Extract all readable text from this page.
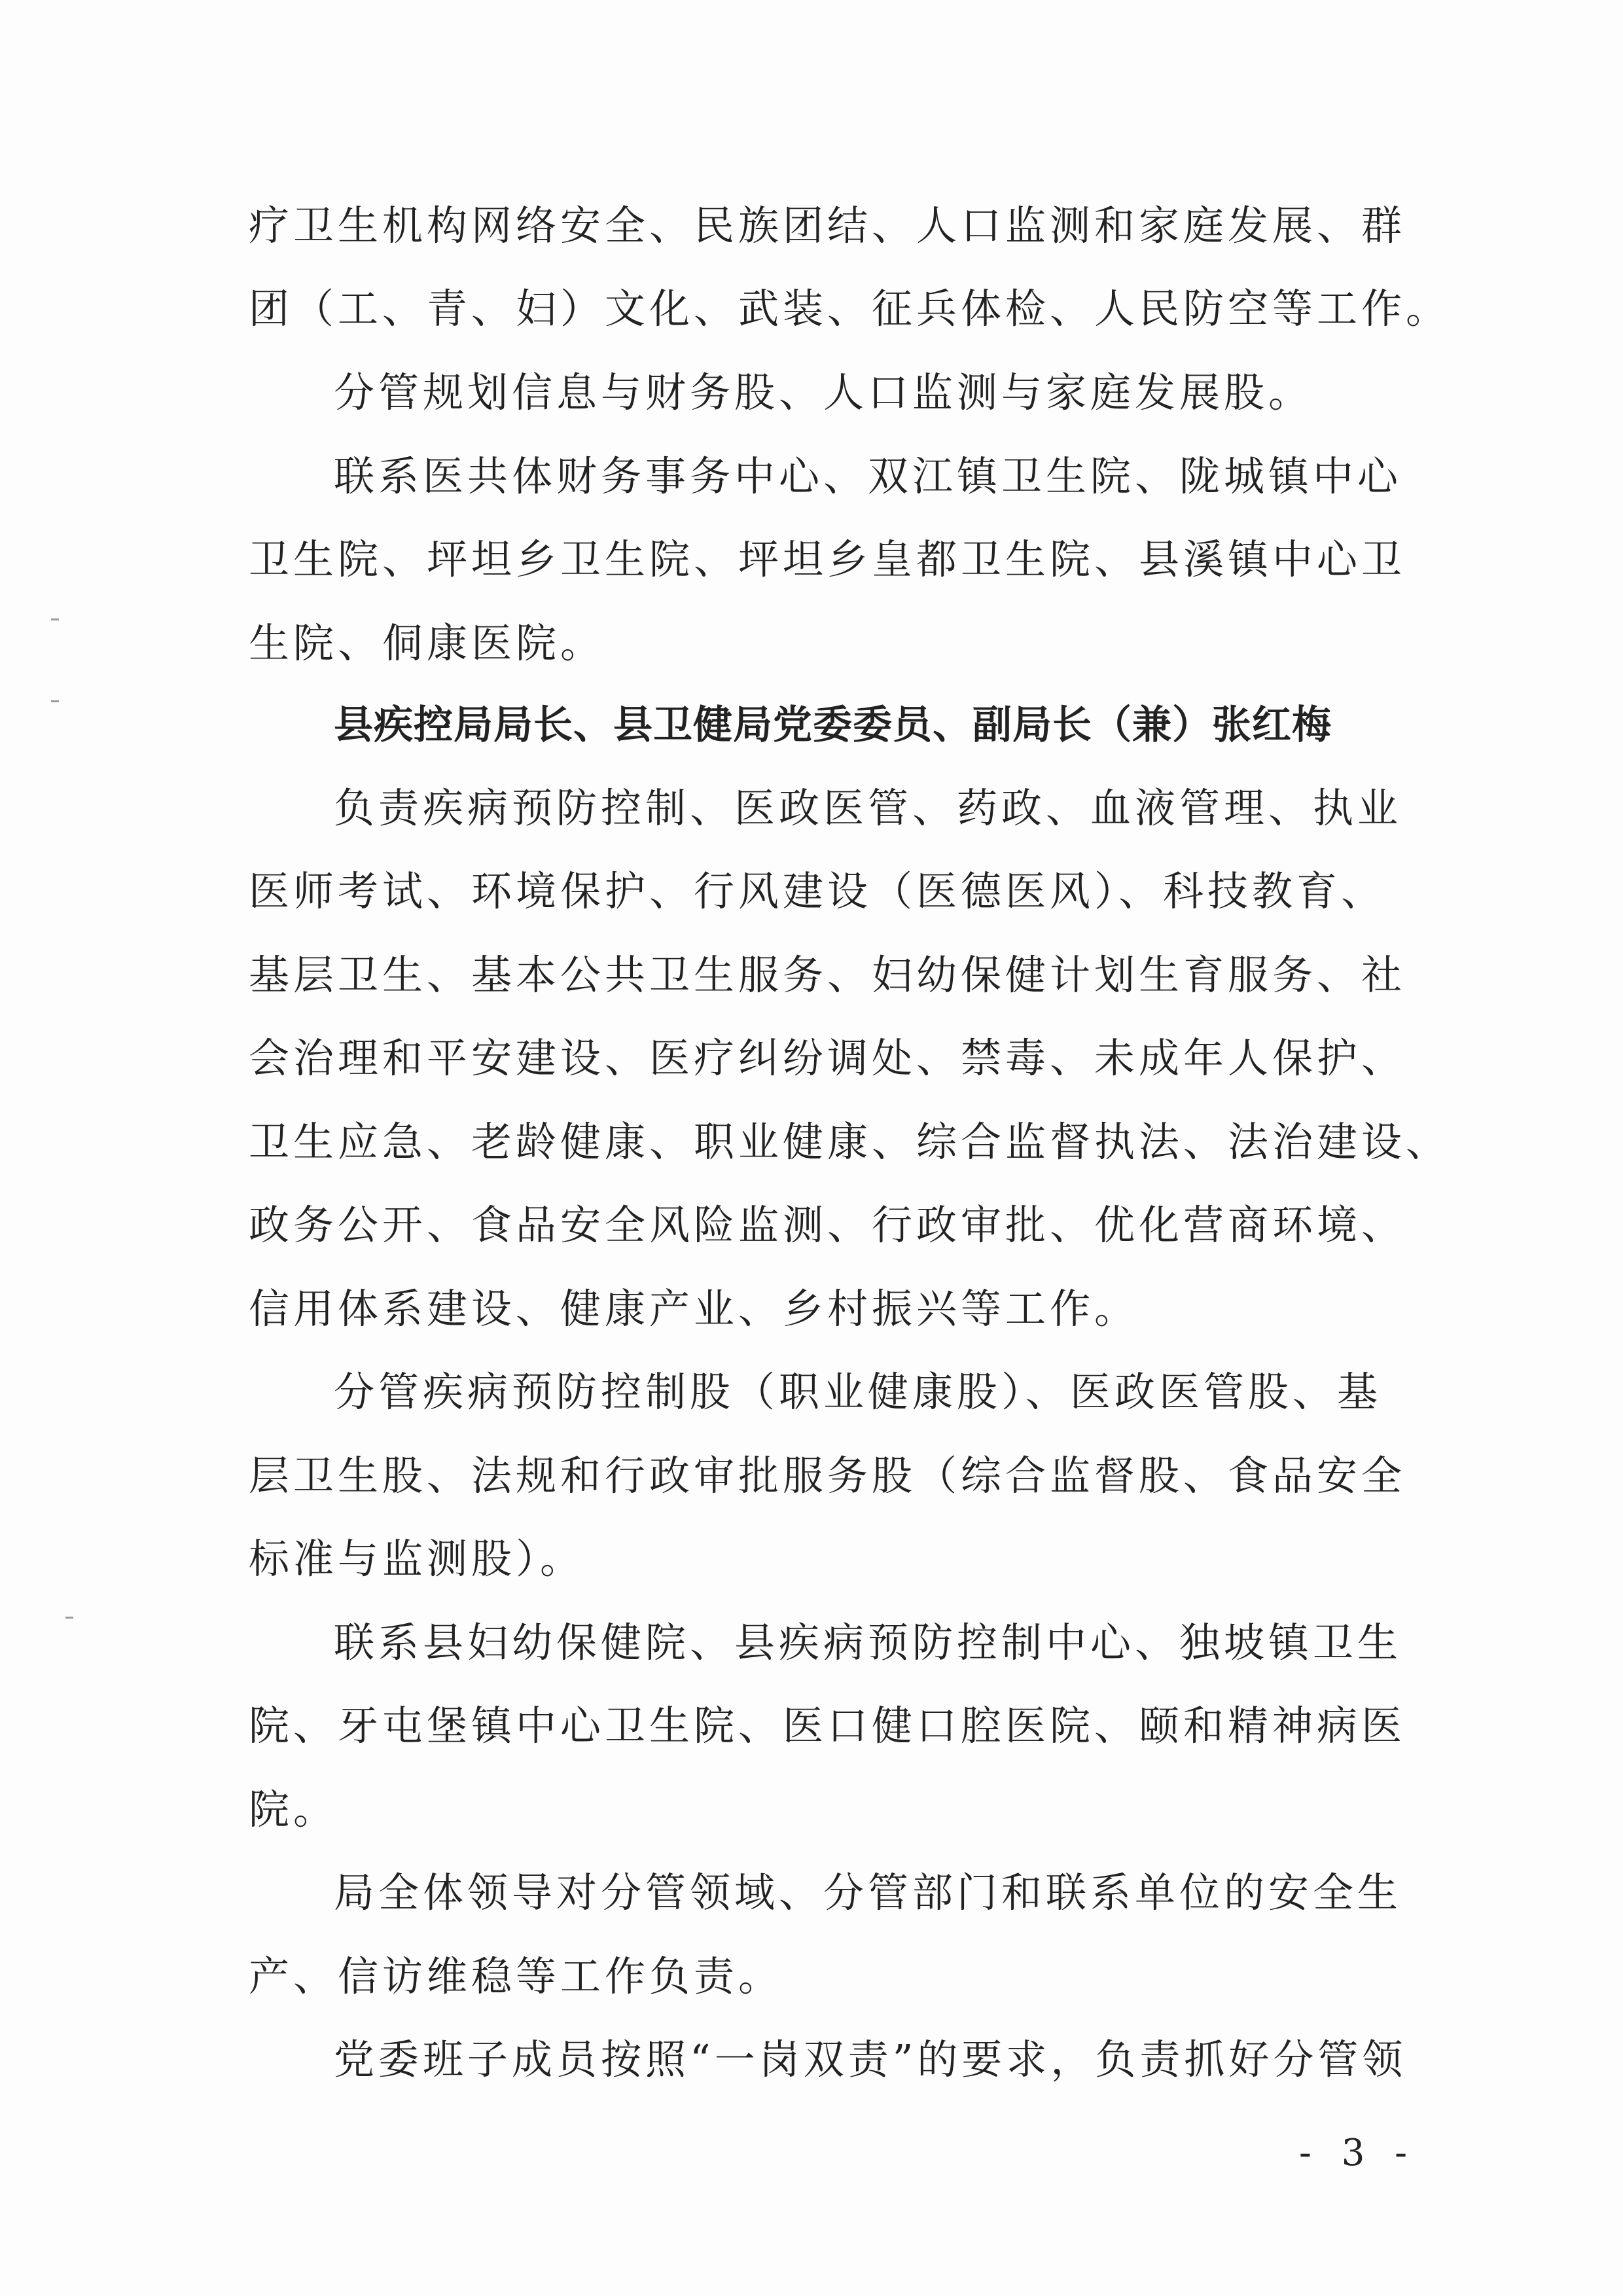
疗卫生机构网络安全、民族团结、人口监测和家庭发展、群
团（工、青、妇）文化、武装、征兵体检、人民防空等工作。
分管规划信息与财务股、人口监测与家庭发展股。
联系医共体财务事务中心、双江镇卫生院、陇城镇中心
卫生院、坪坦乡卫生院、坪坦乡皇都卫生院、县溪镇中心卫
生院、侗康医院。
县疾控局局长、县卫健局党委委员、副局长（兼）张红梅
负责疾病预防控制、医政医管、药政、血液管理、执业
医师考试、环境保护、行风建设（医德医风）、科技教育、
基层卫生、基本公共卫生服务、妇幼保健计划生育服务、社
会治理和平安建设、医疗纠纷调处、禁毒、未成年人保护、
卫生应急、老龄健康、职业健康、综合监督执法、法治建设、
政务公开、食品安全风险监测、行政审批、优化营商环境、
信用体系建设、健康产业、乡村振兴等工作。
分管疾病预防控制股（职业健康股）、医政医管股、基
层卫生股、法规和行政审批服务股（综合监督股、食品安全
标准与监测股）。
联系县妇幼保健院、县疾病预防控制中心、独坡镇卫生
院、牙屯堡镇中心卫生院、医口健口腔医院、颐和精神病医
院。
局全体领导对分管领域、分管部门和联系单位的安全生
产、信访维稳等工作负责。
党委班子成员按照“一岗双责”的要求，负责抓好分管领
- 3 -
